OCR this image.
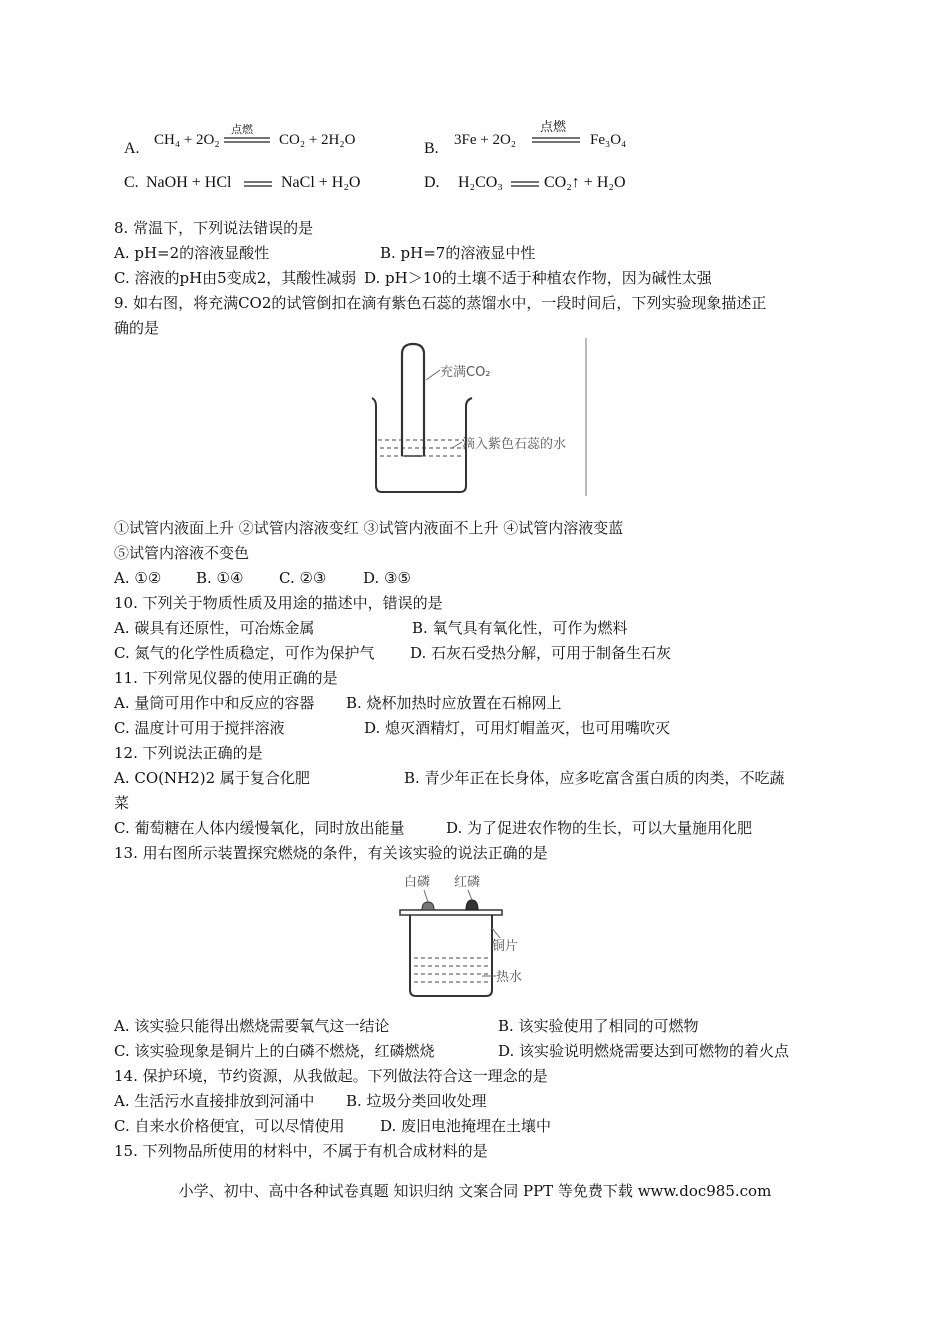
A. CH₄ + 2O₂
点燃
CO₂ + 2H₂O	B. 3Fe + 2O₂
点燃
Fe₃O₄
C. NaOH + HCl	NaCl + H₂O	D. H₂CO₃	CO₂↑ + H₂O
8. 常温下，下列说法错误的是
A. pH=2的溶液显酸性	B. pH=7的溶液显中性
C. 溶液的pH由5变成2，其酸性减弱 D. pH＞10的土壤不适于种植农作物，因为碱性太强
9. 如右图，将充满CO2的试管倒扣在滴有紫色石蕊的蒸馏水中，一段时间后，下列实验现象描述正
确的是
充满CO₂
滴入紫色石蕊的水
①试管内液面上升 ②试管内溶液变红 ③试管内液面不上升 ④试管内溶液变蓝
⑤试管内溶液不变色
A. ①② B. ①④ C. ②③ D. ③⑤
10. 下列关于物质性质及用途的描述中，错误的是
A. 碳具有还原性，可冶炼金属	B. 氧气具有氧化性，可作为燃料
C. 氮气的化学性质稳定，可作为保护气 D. 石灰石受热分解，可用于制备生石灰
11. 下列常见仪器的使用正确的是
A. 量筒可用作中和反应的容器 B. 烧杯加热时应放置在石棉网上
C. 温度计可用于搅拌溶液	D. 熄灭酒精灯，可用灯帽盖灭，也可用嘴吹灭
12. 下列说法正确的是
A. CO(NH2)2 属于复合化肥	B. 青少年正在长身体，应多吃富含蛋白质的肉类，不吃蔬
菜
C. 葡萄糖在人体内缓慢氧化，同时放出能量	D. 为了促进农作物的生长，可以大量施用化肥
13. 用右图所示装置探究燃烧的条件，有关该实验的说法正确的是
白磷 红磷
铜片
热水
A. 该实验只能得出燃烧需要氧气这一结论	B. 该实验使用了相同的可燃物
C. 该实验现象是铜片上的白磷不燃烧，红磷燃烧	D. 该实验说明燃烧需要达到可燃物的着火点
14. 保护环境，节约资源，从我做起。下列做法符合这一理念的是
A. 生活污水直接排放到河涌中 B. 垃圾分类回收处理
C. 自来水价格便宜，可以尽情使用 D. 废旧电池掩埋在土壤中
15. 下列物品所使用的材料中，不属于有机合成材料的是
小学、初中、高中各种试卷真题 知识归纳 文案合同 PPT 等免费下载 www.doc985.com
